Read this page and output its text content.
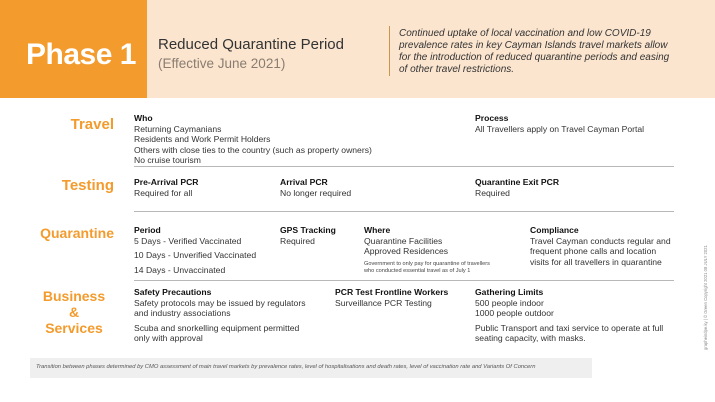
Phase 1 Reduced Quarantine Period
(Effective June 2021)
Continued uptake of local vaccination and low COVID-19
prevalence rates in key Cayman Islands travel markets allow
for the introduction of reduced quarantine periods and easing
of other travel restrictions.
Travel Who
Returning Caymanians
Residents and Work Permit Holders
Others with close ties to the country (such as property owners)
No cruise tourism
Process
All Travellers apply on Travel Cayman Portal
Testing Pre-Arrival PCR
Required for all
Arrival PCR
No longer required
Quarantine Exit PCR
Required
Quarantine Period
5 Days - Verified Vaccinated
10 Days - Unverified Vaccinated
14 Days - Unvaccinated
GPS Tracking
Required
Where
Quarantine Facilities
Approved Residences
Government to only pay for quarantine of travellers
who conducted essential travel as of July 1
Compliance
Travel Cayman conducts regular and
frequent phone calls and location
visits for all travellers in quarantine
Business
&
Services
Safety Precautions
Safety protocols may be issued by regulators
and industry associations
Scuba and snorkelling equipment permitted
only with approval
PCR Test Frontline Workers
Surveillance PCR Testing
Gathering Limits
500 people indoor
1000 people outdoor
Public Transport and taxi service to operate at full
seating capacity, with masks.
Transition between phases determined by CMO assessment of main travel markets by prevalence rates, level of hospitalisations and death rates, level of vaccination rate and Variants Of Concern
grapheindpe.ky | © Green Copyright 2021 08 JULY 2021
